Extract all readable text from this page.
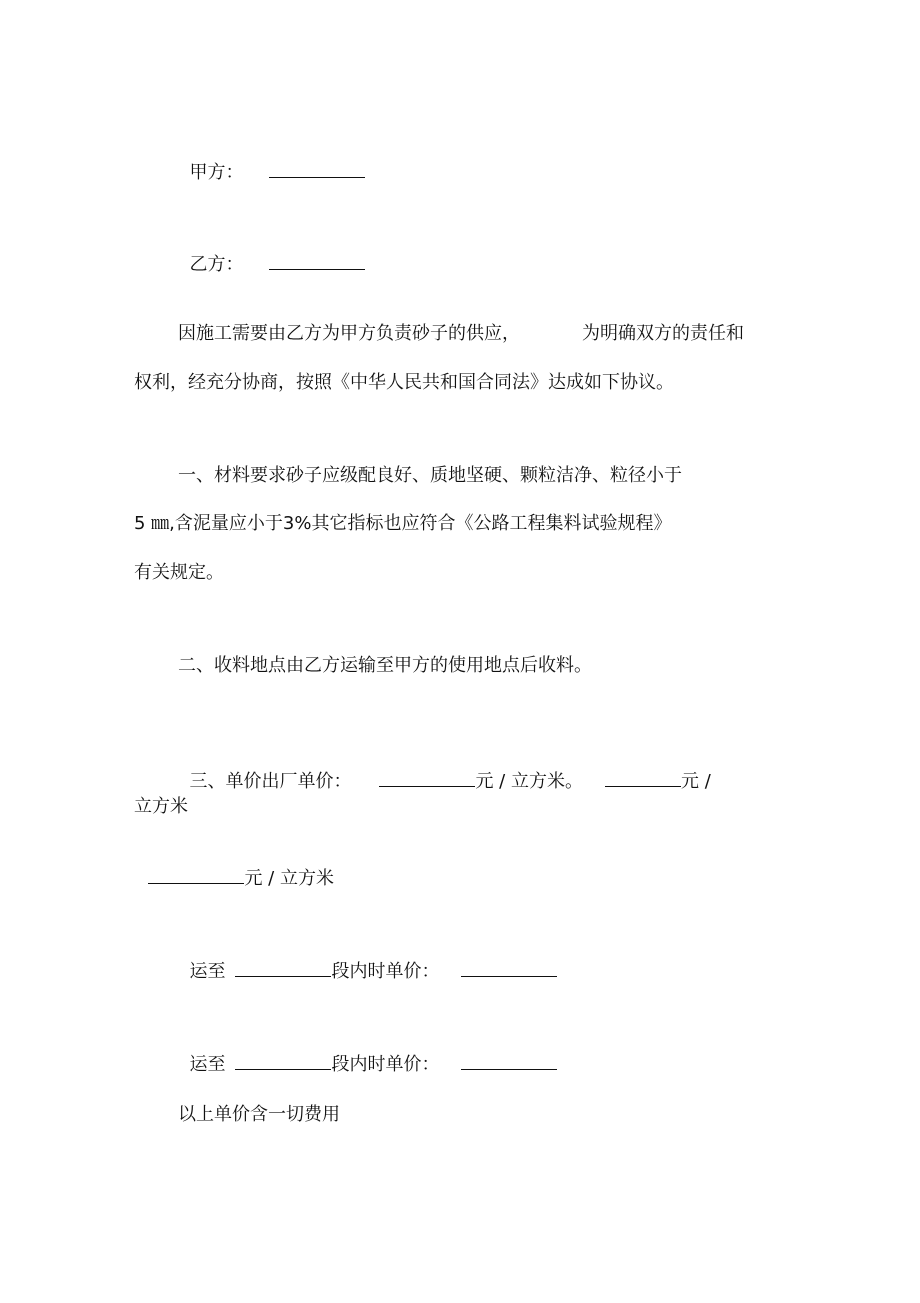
甲方：

乙方：

因施工需要由乙方为甲方负责砂子的供应，	为明确双方的责任和
权利，经充分协商，按照《中华人民共和国合同法》达成如下协议。
一、材料要求砂子应级配良好、质地坚硬、颗粒洁净、粒径小于
5 ㎜,含泥量应小于3%其它指标也应符合《公路工程集料试验规程》
有关规定。
二、收料地点由乙方运输至甲方的使用地点后收料。

三、单价出厂单价：	元 / 立方米。	元 /

立方米

元 / 立方米

运至	段内时单价：

运至	段内时单价：

以上单价含一切费用
